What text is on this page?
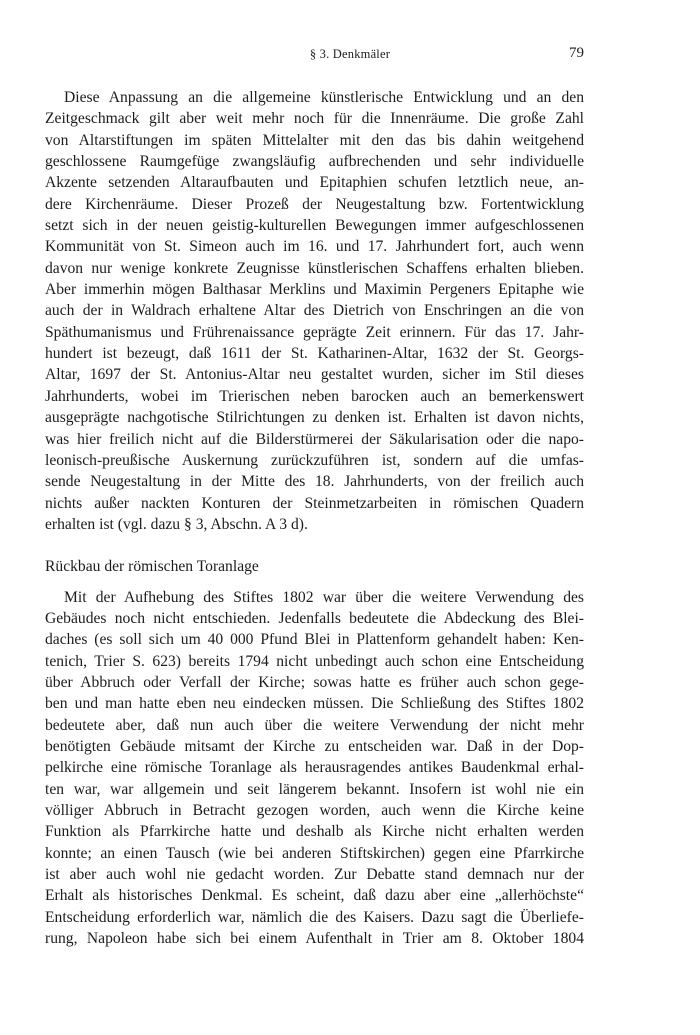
§ 3. Denkmäler	79
Diese Anpassung an die allgemeine künstlerische Entwicklung und an den
Zeitgeschmack gilt aber weit mehr noch für die Innenräume. Die große Zahl
von Altarstiftungen im späten Mittelalter mit den das bis dahin weitgehend
geschlossene Raumgefüge zwangsläufig aufbrechenden und sehr individuelle
Akzente setzenden Altaraufbauten und Epitaphien schufen letztlich neue, an-
dere Kirchenräume. Dieser Prozeß der Neugestaltung bzw. Fortentwicklung
setzt sich in der neuen geistig-kulturellen Bewegungen immer aufgeschlossenen
Kommunität von St. Simeon auch im 16. und 17. Jahrhundert fort, auch wenn
davon nur wenige konkrete Zeugnisse künstlerischen Schaffens erhalten blieben.
Aber immerhin mögen Balthasar Merklins und Maximin Pergeners Epitaphe wie
auch der in Waldrach erhaltene Altar des Dietrich von Enschringen an die von
Späthumanismus und Frührenaissance geprägte Zeit erinnern. Für das 17. Jahr-
hundert ist bezeugt, daß 1611 der St. Katharinen-Altar, 1632 der St. Georgs-
Altar, 1697 der St. Antonius-Altar neu gestaltet wurden, sicher im Stil dieses
Jahrhunderts, wobei im Trierischen neben barocken auch an bemerkenswert
ausgeprägte nachgotische Stilrichtungen zu denken ist. Erhalten ist davon nichts,
was hier freilich nicht auf die Bilderstürmerei der Säkularisation oder die napo-
leonisch-preußische Auskernung zurückzuführen ist, sondern auf die umfas-
sende Neugestaltung in der Mitte des 18. Jahrhunderts, von der freilich auch
nichts außer nackten Konturen der Steinmetzarbeiten in römischen Quadern
erhalten ist (vgl. dazu § 3, Abschn. A 3 d).
Rückbau der römischen Toranlage
Mit der Aufhebung des Stiftes 1802 war über die weitere Verwendung des
Gebäudes noch nicht entschieden. Jedenfalls bedeutete die Abdeckung des Blei-
daches (es soll sich um 40 000 Pfund Blei in Plattenform gehandelt haben: Ken-
tenich, Trier S. 623) bereits 1794 nicht unbedingt auch schon eine Entscheidung
über Abbruch oder Verfall der Kirche; sowas hatte es früher auch schon gege-
ben und man hatte eben neu eindecken müssen. Die Schließung des Stiftes 1802
bedeutete aber, daß nun auch über die weitere Verwendung der nicht mehr
benötigten Gebäude mitsamt der Kirche zu entscheiden war. Daß in der Dop-
pelkirche eine römische Toranlage als herausragendes antikes Baudenkmal erhal-
ten war, war allgemein und seit längerem bekannt. Insofern ist wohl nie ein
völliger Abbruch in Betracht gezogen worden, auch wenn die Kirche keine
Funktion als Pfarrkirche hatte und deshalb als Kirche nicht erhalten werden
konnte; an einen Tausch (wie bei anderen Stiftskirchen) gegen eine Pfarrkirche
ist aber auch wohl nie gedacht worden. Zur Debatte stand demnach nur der
Erhalt als historisches Denkmal. Es scheint, daß dazu aber eine „allerhöchste“
Entscheidung erforderlich war, nämlich die des Kaisers. Dazu sagt die Überliefe-
rung, Napoleon habe sich bei einem Aufenthalt in Trier am 8. Oktober 1804
